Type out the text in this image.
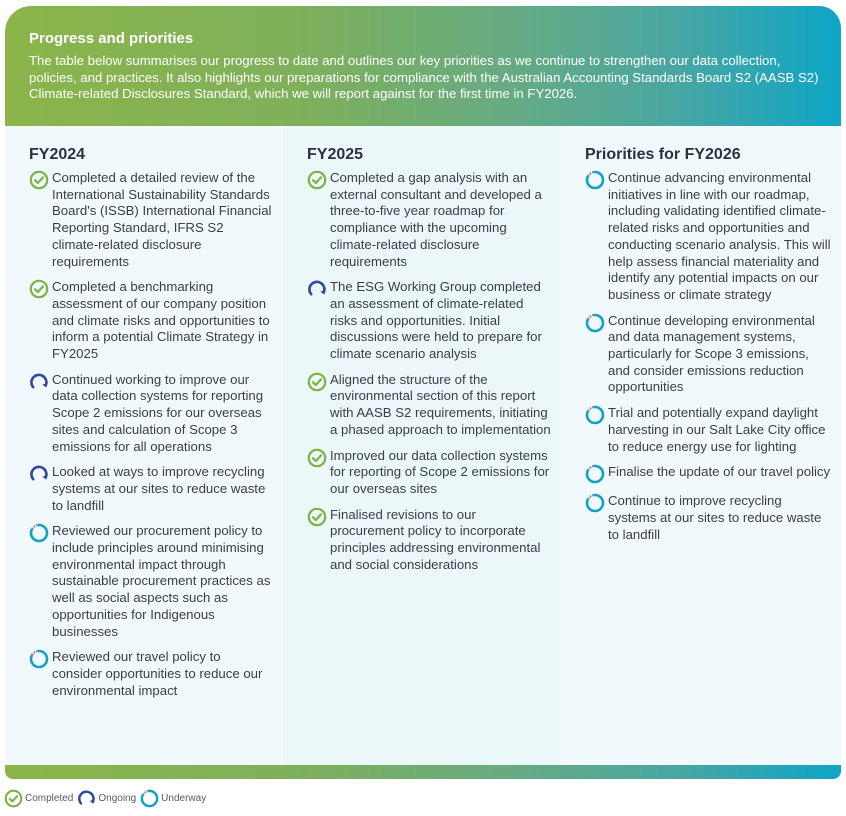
Progress and priorities

The table below summarises our progress to date and outlines our key priorities as we continue to strengthen our data collection, policies, and practices. It also highlights our preparations for compliance with the Australian Accounting Standards Board S2 (AASB S2) Climate-related Disclosures Standard, which we will report against for the first time in FY2026.

FY2024
Completed a detailed review of the International Sustainability Standards Board's (ISSB) International Financial Reporting Standard, IFRS S2 climate-related disclosure requirements
Completed a benchmarking assessment of our company position and climate risks and opportunities to inform a potential Climate Strategy in FY2025
Continued working to improve our data collection systems for reporting Scope 2 emissions for our overseas sites and calculation of Scope 3 emissions for all operations
Looked at ways to improve recycling systems at our sites to reduce waste to landfill
Reviewed our procurement policy to include principles around minimising environmental impact through sustainable procurement practices as well as social aspects such as opportunities for Indigenous businesses
Reviewed our travel policy to consider opportunities to reduce our environmental impact
FY2025
Completed a gap analysis with an external consultant and developed a three-to-five year roadmap for compliance with the upcoming climate-related disclosure requirements
The ESG Working Group completed an assessment of climate-related risks and opportunities. Initial discussions were held to prepare for climate scenario analysis
Aligned the structure of the environmental section of this report with AASB S2 requirements, initiating a phased approach to implementation
Improved our data collection systems for reporting of Scope 2 emissions for our overseas sites
Finalised revisions to our procurement policy to incorporate principles addressing environmental and social considerations
Priorities for FY2026
Continue advancing environmental initiatives in line with our roadmap, including validating identified climate-related risks and opportunities and conducting scenario analysis. This will help assess financial materiality and identify any potential impacts on our business or climate strategy
Continue developing environmental and data management systems, particularly for Scope 3 emissions, and consider emissions reduction opportunities
Trial and potentially expand daylight harvesting in our Salt Lake City office to reduce energy use for lighting
Finalise the update of our travel policy
Continue to improve recycling systems at our sites to reduce waste to landfill
Completed	Ongoing	Underway
